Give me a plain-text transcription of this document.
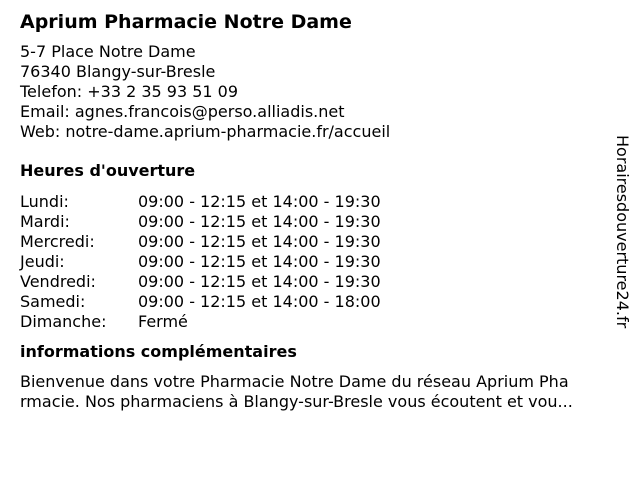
Aprium Pharmacie Notre Dame
5-7 Place Notre Dame
76340 Blangy-sur-Bresle
Telefon: +33 2 35 93 51 09
Email: agnes.francois@perso.alliadis.net
Web: notre-dame.aprium-pharmacie.fr/accueil
Heures d'ouverture
Lundi:	09:00 - 12:15 et 14:00 - 19:30
Mardi:	09:00 - 12:15 et 14:00 - 19:30
Mercredi:	09:00 - 12:15 et 14:00 - 19:30
Jeudi:	09:00 - 12:15 et 14:00 - 19:30
Vendredi:	09:00 - 12:15 et 14:00 - 19:30
Samedi:	09:00 - 12:15 et 14:00 - 18:00
Dimanche:	Fermé
informations complémentaires
Bienvenue dans votre Pharmacie Notre Dame du réseau Aprium Pha
rmacie. Nos pharmaciens à Blangy-sur-Bresle vous écoutent et vou...
Horairesdouverture24.fr
